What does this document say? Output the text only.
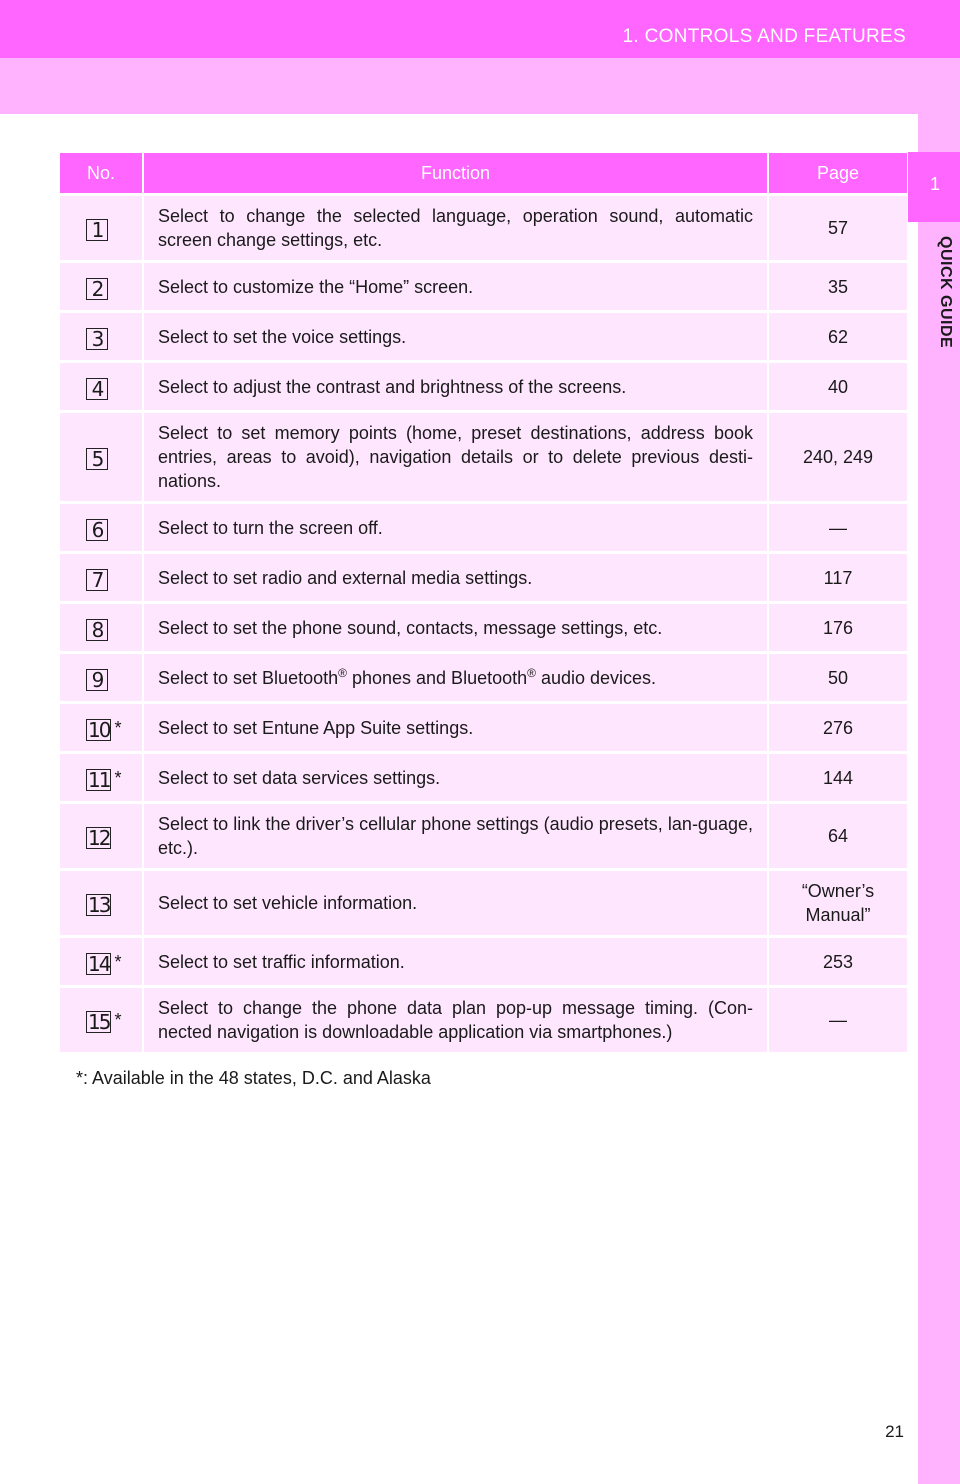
1. CONTROLS AND FEATURES
1
QUICK GUIDE
No.	Function	Page
1	Select to change the selected language, operation sound, automatic screen change settings, etc.	57
2	Select to customize the “Home” screen.	35
3	Select to set the voice settings.	62
4	Select to adjust the contrast and brightness of the screens.	40
5	Select to set memory points (home, preset destinations, address book entries, areas to avoid), navigation details or to delete previous desti-nations.	240, 249
6	Select to turn the screen off.	—
7	Select to set radio and external media settings.	117
8	Select to set the phone sound, contacts, message settings, etc.	176
9	Select to set Bluetooth® phones and Bluetooth® audio devices.	50
10 *	Select to set Entune App Suite settings.	276
11 *	Select to set data services settings.	144
12	Select to link the driver’s cellular phone settings (audio presets, lan-guage, etc.).	64
13	Select to set vehicle information.	“Owner’s Manual”
14 *	Select to set traffic information.	253
15 *	Select to change the phone data plan pop-up message timing. (Con-nected navigation is downloadable application via smartphones.)	—
*: Available in the 48 states, D.C. and Alaska
21
